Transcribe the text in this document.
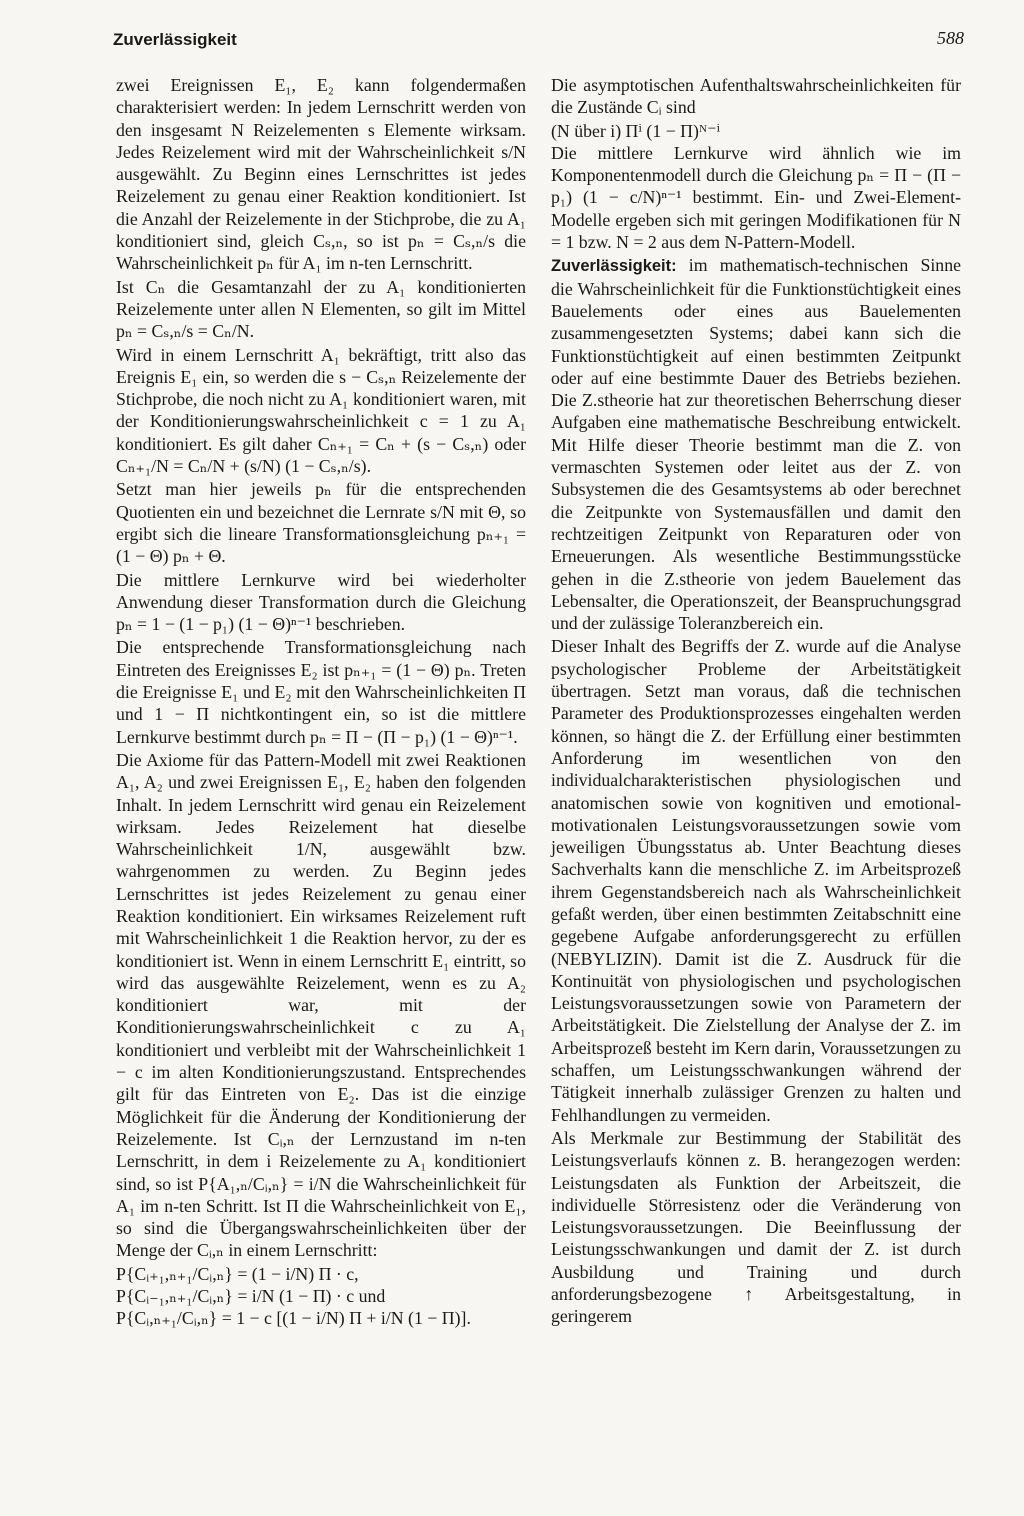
Zuverlässigkeit	588

zwei Ereignissen E₁, E₂ kann folgendermaßen charakterisiert werden: In jedem Lernschritt werden von den insgesamt N Reizelementen s Elemente wirksam. Jedes Reizelement wird mit der Wahrscheinlichkeit s/N ausgewählt. Zu Beginn eines Lernschrittes ist jedes Reizelement zu genau einer Reaktion konditioniert. Ist die Anzahl der Reizelemente in der Stichprobe, die zu A₁ konditioniert sind, gleich Cₛ,ₙ, so ist pₙ = Cₛ,ₙ/s die Wahrscheinlichkeit pₙ für A₁ im n-ten Lernschritt.

Ist Cₙ die Gesamtanzahl der zu A₁ konditionierten Reizelemente unter allen N Elementen, so gilt im Mittel pₙ = Cₛ,ₙ/s = Cₙ/N.

Wird in einem Lernschritt A₁ bekräftigt, tritt also das Ereignis E₁ ein, so werden die s − Cₛ,ₙ Reizelemente der Stichprobe, die noch nicht zu A₁ konditioniert waren, mit der Konditionierungswahrscheinlichkeit c = 1 zu A₁ konditioniert. Es gilt daher Cₙ₊₁ = Cₙ + (s − Cₛ,ₙ) oder Cₙ₊₁/N = Cₙ/N + (s/N) (1 − Cₛ,ₙ/s).

Setzt man hier jeweils pₙ für die entsprechenden Quotienten ein und bezeichnet die Lernrate s/N mit Θ, so ergibt sich die lineare Transformationsgleichung pₙ₊₁ = (1 − Θ) pₙ + Θ.

Die mittlere Lernkurve wird bei wiederholter Anwendung dieser Transformation durch die Gleichung pₙ = 1 − (1 − p₁) (1 − Θ)ⁿ⁻¹ beschrieben.

Die entsprechende Transformationsgleichung nach Eintreten des Ereignisses E₂ ist pₙ₊₁ = (1 − Θ) pₙ. Treten die Ereignisse E₁ und E₂ mit den Wahrscheinlichkeiten Π und 1 − Π nichtkontingent ein, so ist die mittlere Lernkurve bestimmt durch pₙ = Π − (Π − p₁) (1 − Θ)ⁿ⁻¹.

Die Axiome für das Pattern-Modell mit zwei Reaktionen A₁, A₂ und zwei Ereignissen E₁, E₂ haben den folgenden Inhalt. In jedem Lernschritt wird genau ein Reizelement wirksam. Jedes Reizelement hat dieselbe Wahrscheinlichkeit 1/N, ausgewählt bzw. wahrgenommen zu werden. Zu Beginn jedes Lernschrittes ist jedes Reizelement zu genau einer Reaktion konditioniert. Ein wirksames Reizelement ruft mit Wahrscheinlichkeit 1 die Reaktion hervor, zu der es konditioniert ist. Wenn in einem Lernschritt E₁ eintritt, so wird das ausgewählte Reizelement, wenn es zu A₂ konditioniert war, mit der Konditionierungswahrscheinlichkeit c zu A₁ konditioniert und verbleibt mit der Wahrscheinlichkeit 1 − c im alten Konditionierungszustand. Entsprechendes gilt für das Eintreten von E₂. Das ist die einzige Möglichkeit für die Änderung der Konditionierung der Reizelemente. Ist Cᵢ,ₙ der Lernzustand im n-ten Lernschritt, in dem i Reizelemente zu A₁ konditioniert sind, so ist P{A₁,ₙ/Cᵢ,ₙ} = i/N die Wahrscheinlichkeit für A₁ im n-ten Schritt. Ist Π die Wahrscheinlichkeit von E₁, so sind die Übergangswahrscheinlichkeiten über der Menge der Cᵢ,ₙ in einem Lernschritt:

P{Cᵢ₊₁,ₙ₊₁/Cᵢ,ₙ} = (1 − i/N) Π · c,

P{Cᵢ₋₁,ₙ₊₁/Cᵢ,ₙ} = i/N (1 − Π) · c und

P{Cᵢ,ₙ₊₁/Cᵢ,ₙ} = 1 − c [(1 − i/N) Π + i/N (1 − Π)].

Die asymptotischen Aufenthaltswahrscheinlichkeiten für die Zustände Cᵢ sind

(N über i) Πⁱ (1 − Π)ᴺ⁻ⁱ

Die mittlere Lernkurve wird ähnlich wie im Komponentenmodell durch die Gleichung pₙ = Π − (Π − p₁) (1 − c/N)ⁿ⁻¹ bestimmt. Ein- und Zwei-Element-Modelle ergeben sich mit geringen Modifikationen für N = 1 bzw. N = 2 aus dem N-Pattern-Modell.

Zuverlässigkeit: im mathematisch-technischen Sinne die Wahrscheinlichkeit für die Funktionstüchtigkeit eines Bauelements oder eines aus Bauelementen zusammengesetzten Systems; dabei kann sich die Funktionstüchtigkeit auf einen bestimmten Zeitpunkt oder auf eine bestimmte Dauer des Betriebs beziehen. Die Z.stheorie hat zur theoretischen Beherrschung dieser Aufgaben eine mathematische Beschreibung entwickelt. Mit Hilfe dieser Theorie bestimmt man die Z. von vermaschten Systemen oder leitet aus der Z. von Subsystemen die des Gesamtsystems ab oder berechnet die Zeitpunkte von Systemausfällen und damit den rechtzeitigen Zeitpunkt von Reparaturen oder von Erneuerungen. Als wesentliche Bestimmungsstücke gehen in die Z.stheorie von jedem Bauelement das Lebensalter, die Operationszeit, der Beanspruchungsgrad und der zulässige Toleranzbereich ein.

Dieser Inhalt des Begriffs der Z. wurde auf die Analyse psychologischer Probleme der Arbeitstätigkeit übertragen. Setzt man voraus, daß die technischen Parameter des Produktionsprozesses eingehalten werden können, so hängt die Z. der Erfüllung einer bestimmten Anforderung im wesentlichen von den individualcharakteristischen physiologischen und anatomischen sowie von kognitiven und emotional-motivationalen Leistungsvoraussetzungen sowie vom jeweiligen Übungsstatus ab. Unter Beachtung dieses Sachverhalts kann die menschliche Z. im Arbeitsprozeß ihrem Gegenstandsbereich nach als Wahrscheinlichkeit gefaßt werden, über einen bestimmten Zeitabschnitt eine gegebene Aufgabe anforderungsgerecht zu erfüllen (NEBYLIZIN). Damit ist die Z. Ausdruck für die Kontinuität von physiologischen und psychologischen Leistungsvoraussetzungen sowie von Parametern der Arbeitstätigkeit. Die Zielstellung der Analyse der Z. im Arbeitsprozeß besteht im Kern darin, Voraussetzungen zu schaffen, um Leistungsschwankungen während der Tätigkeit innerhalb zulässiger Grenzen zu halten und Fehlhandlungen zu vermeiden.

Als Merkmale zur Bestimmung der Stabilität des Leistungsverlaufs können z. B. herangezogen werden: Leistungsdaten als Funktion der Arbeitszeit, die individuelle Störresistenz oder die Veränderung von Leistungsvoraussetzungen. Die Beeinflussung der Leistungsschwankungen und damit der Z. ist durch Ausbildung und Training und durch anforderungsbezogene ↑ Arbeitsgestaltung, in geringerem
